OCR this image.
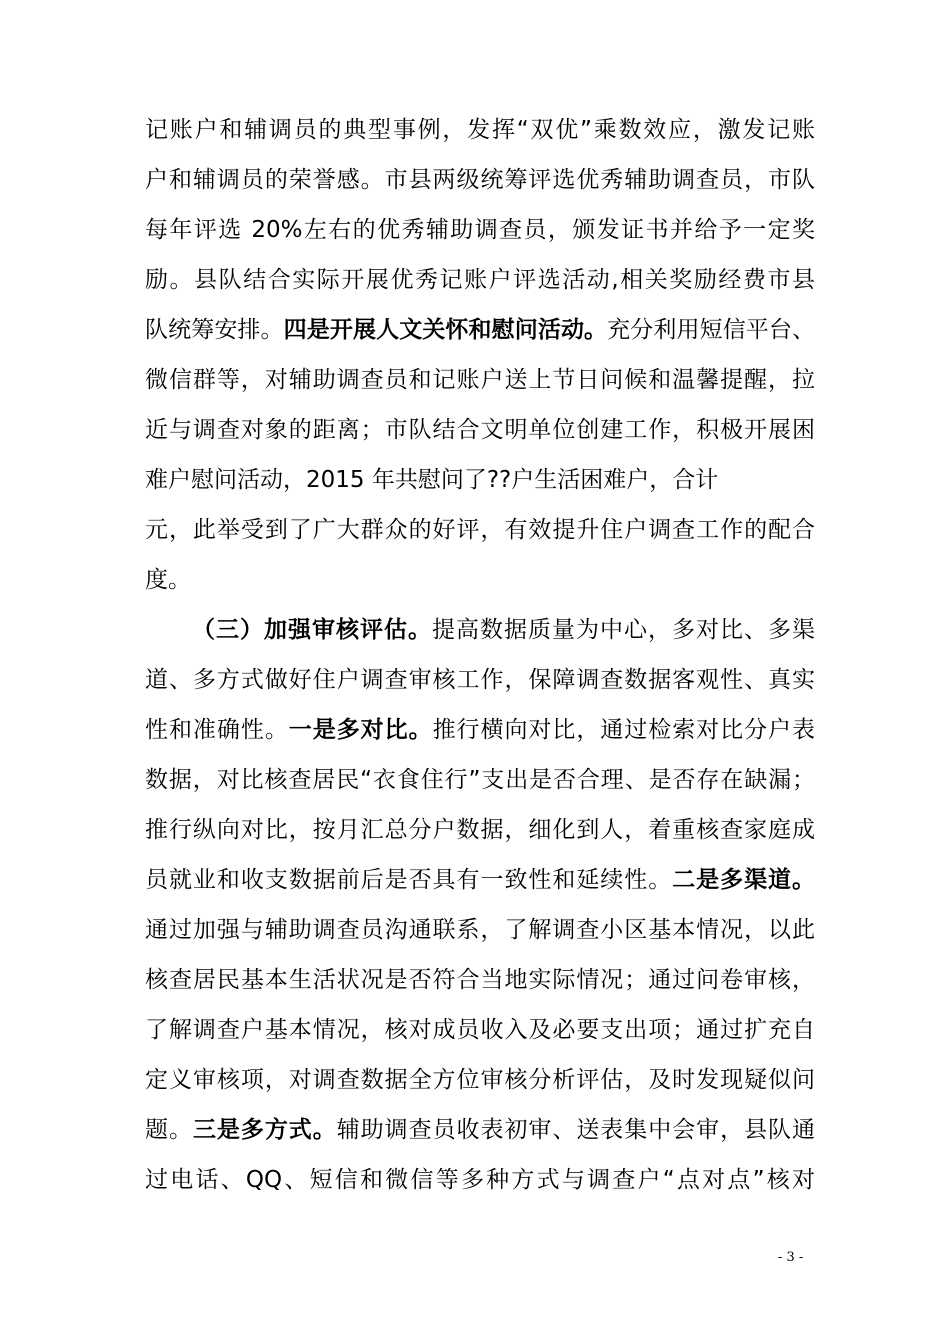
记账户和辅调员的典型事例，发挥“双优”乘数效应，激发记账
户和辅调员的荣誉感。市县两级统筹评选优秀辅助调查员，市队
每年评选 20%左右的优秀辅助调查员，颁发证书并给予一定奖
励。县队结合实际开展优秀记账户评选活动,相关奖励经费市县
队统筹安排。四是开展人文关怀和慰问活动。充分利用短信平台、
微信群等，对辅助调查员和记账户送上节日问候和温馨提醒，拉
近与调查对象的距离；市队结合文明单位创建工作，积极开展困
难户慰问活动，2015 年共慰问了??户生活困难户，合计
元，此举受到了广大群众的好评，有效提升住户调查工作的配合
度。
（三）加强审核评估。提高数据质量为中心，多对比、多渠
道、多方式做好住户调查审核工作，保障调查数据客观性、真实
性和准确性。一是多对比。推行横向对比，通过检索对比分户表
数据，对比核查居民“衣食住行”支出是否合理、是否存在缺漏；
推行纵向对比，按月汇总分户数据，细化到人，着重核查家庭成
员就业和收支数据前后是否具有一致性和延续性。二是多渠道。
通过加强与辅助调查员沟通联系，了解调查小区基本情况，以此
核查居民基本生活状况是否符合当地实际情况；通过问卷审核，
了解调查户基本情况，核对成员收入及必要支出项；通过扩充自
定义审核项，对调查数据全方位审核分析评估，及时发现疑似问
题。三是多方式。辅助调查员收表初审、送表集中会审，县队通
过电话、QQ、短信和微信等多种方式与调查户“点对点”核对
- 3 -
